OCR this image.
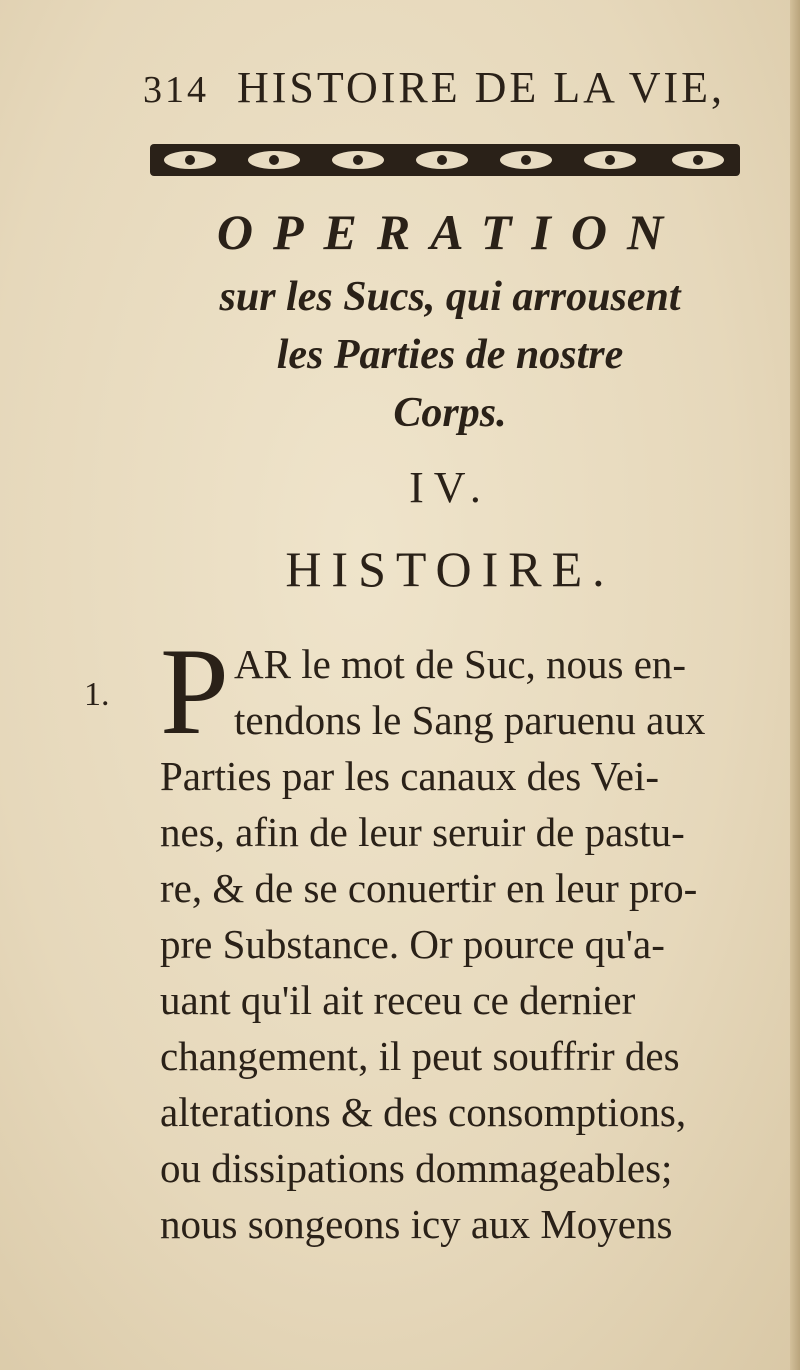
314 HISTOIRE DE LA VIE,
OPERATION
sur les Sucs, qui arrousent
les Parties de nostre
Corps.
IV.
HISTOIRE.
1. P AR le mot de Suc, nous en-
tendons le Sang paruenu aux
Parties par les canaux des Vei-
nes, afin de leur seruir de pastu-
re, & de se conuertir en leur pro-
pre Substance. Or pource qu'a-
uant qu'il ait receu ce dernier
changement, il peut souffrir des
alterations & des consomptions,
ou dissipations dommageables;
nous songeons icy aux Moyens
